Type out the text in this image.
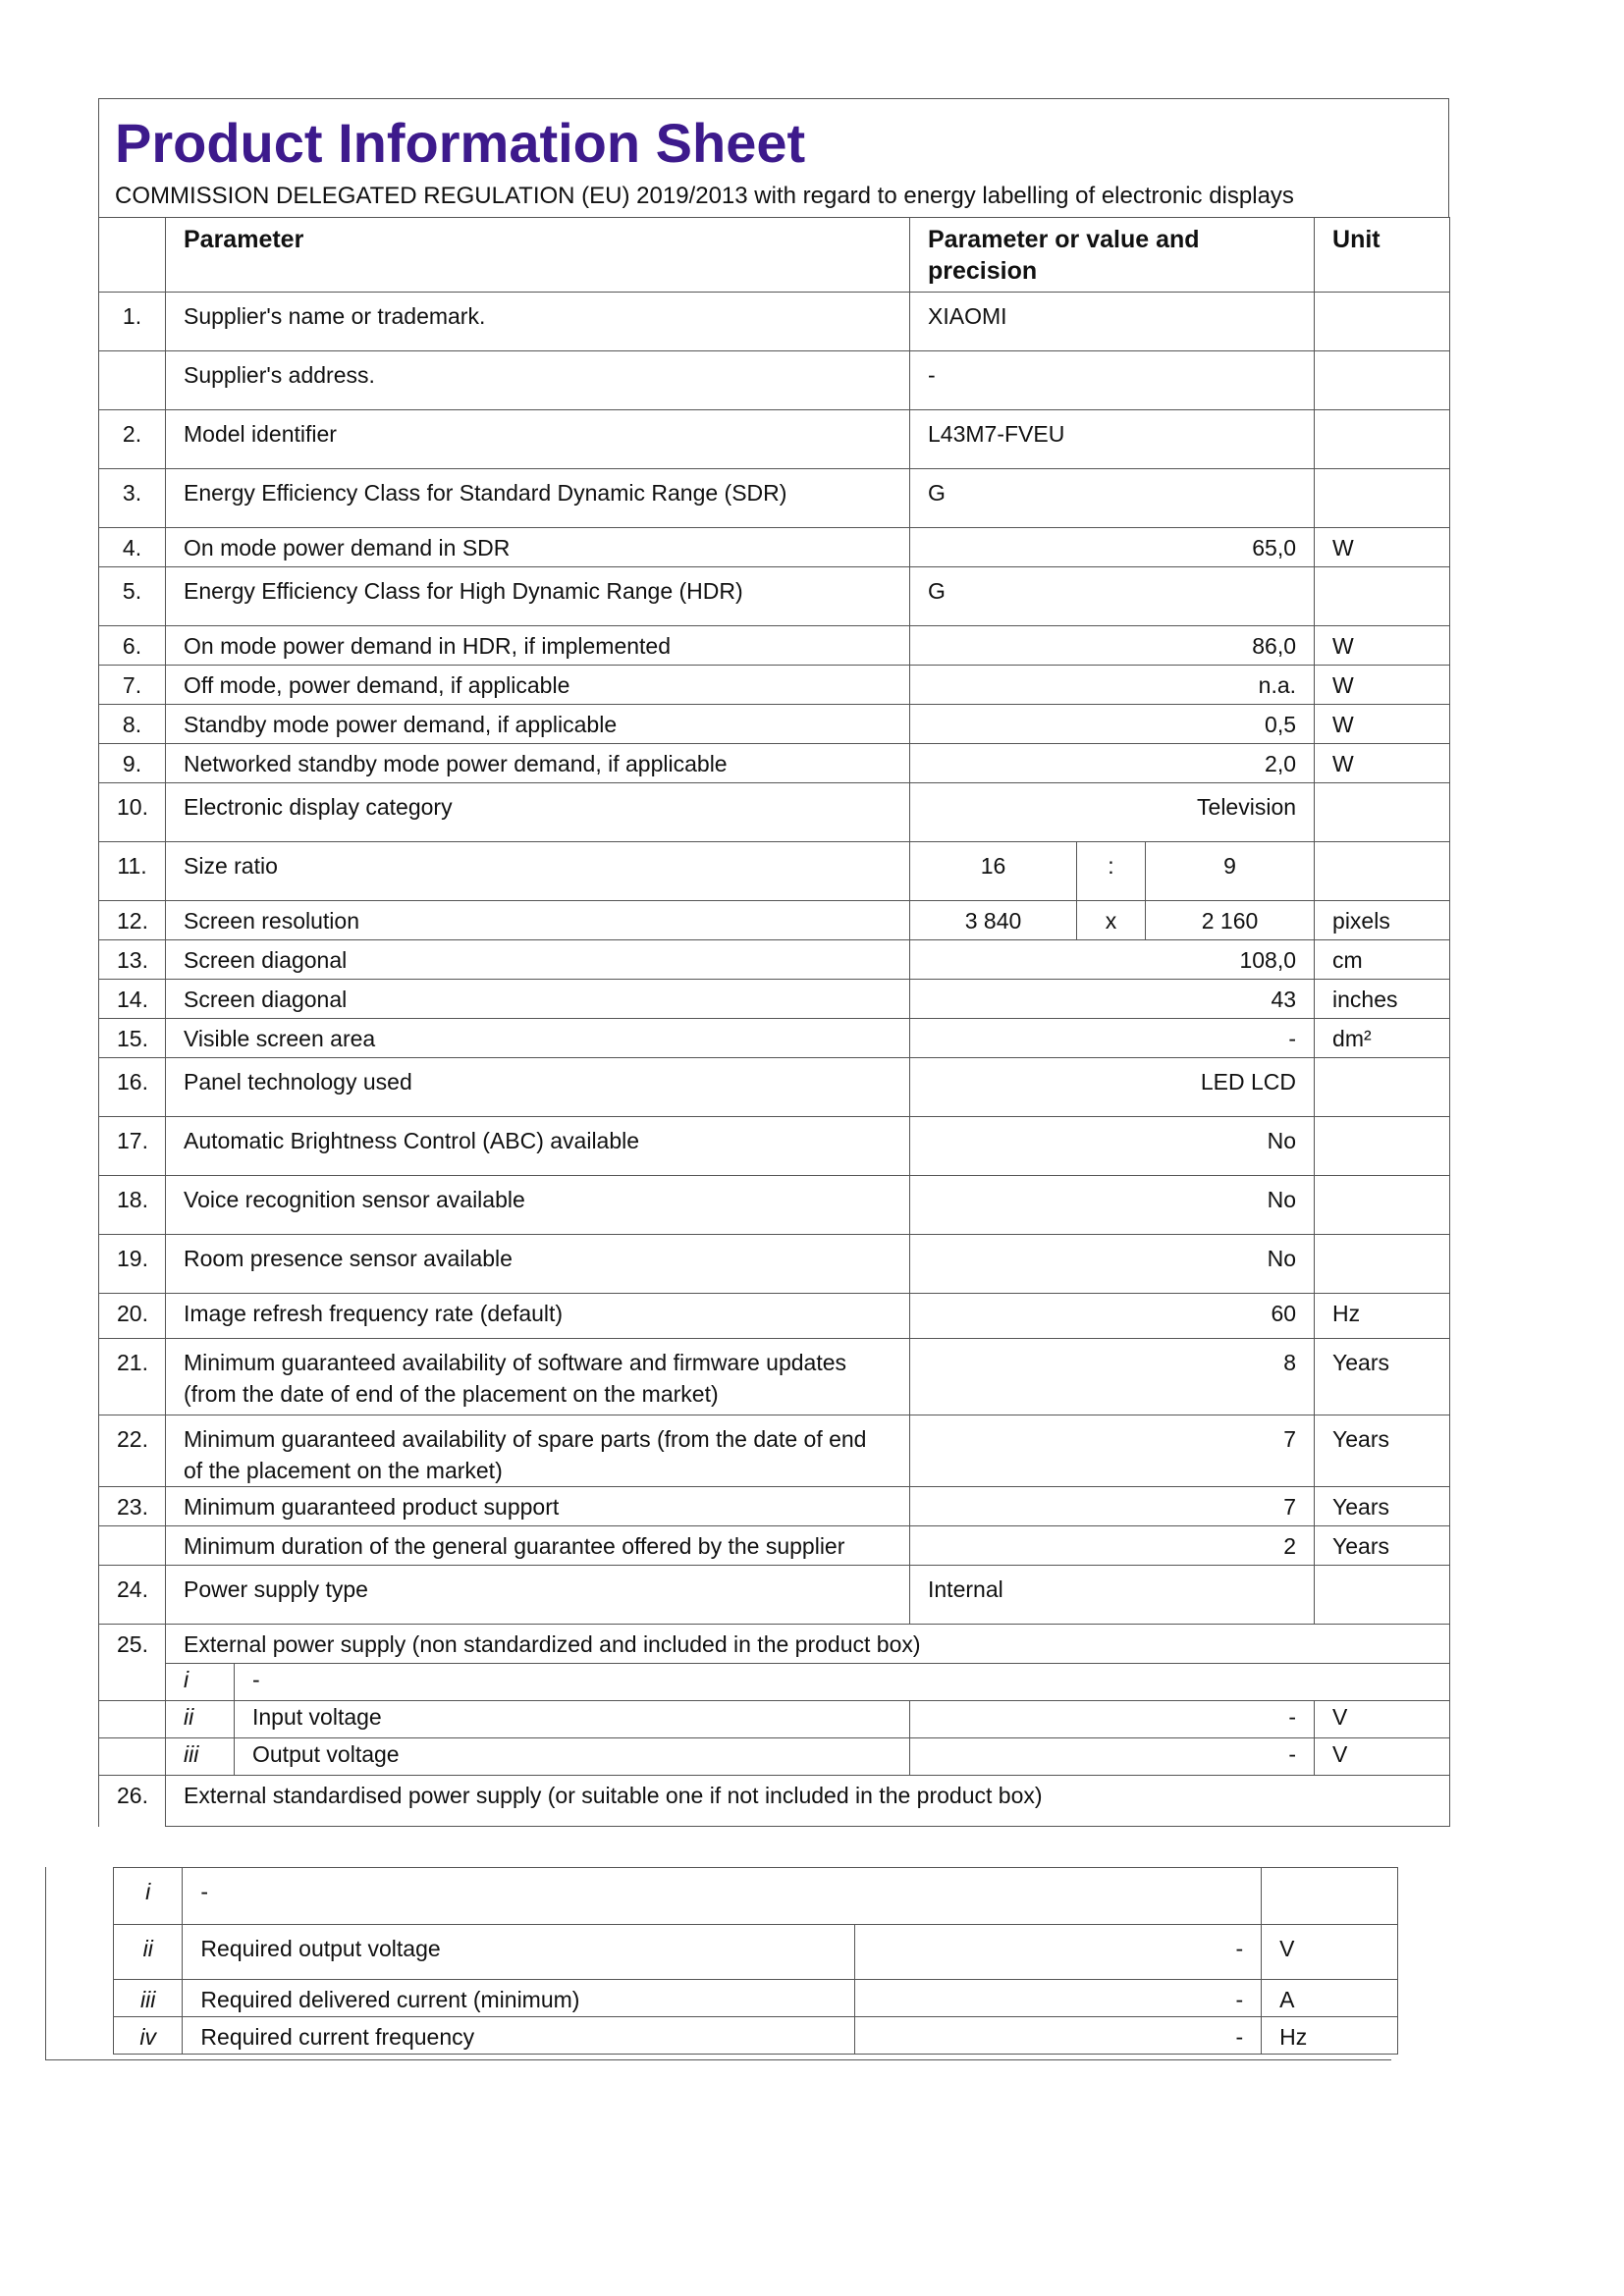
Product Information Sheet
COMMISSION DELEGATED REGULATION (EU) 2019/2013 with regard to energy labelling of electronic displays
	Parameter		Parameter or value and precision			Unit
1.	Supplier's name or trademark.		XIAOMI			
	Supplier's address.		-			
2.	Model identifier		L43M7-FVEU			
3.	Energy Efficiency Class for Standard Dynamic Range (SDR)		G			
4.	On mode power demand in SDR		65,0			W
5.	Energy Efficiency Class for High Dynamic Range (HDR)		G			
6.	On mode power demand in HDR, if implemented		86,0			W
7.	Off mode, power demand, if applicable		n.a.			W
8.	Standby mode power demand, if applicable		0,5			W
9.	Networked standby mode power demand, if applicable		2,0			W
10.	Electronic display category		Television			
11.	Size ratio		16	:	9	
12.	Screen resolution		3 840	x	2 160	pixels
13.	Screen diagonal		108,0			cm
14.	Screen diagonal		43			inches
15.	Visible screen area		-			dm²
16.	Panel technology used		LED LCD			
17.	Automatic Brightness Control (ABC) available		No			
18.	Voice recognition sensor available		No			
19.	Room presence sensor available		No			
20.	Image refresh frequency rate (default)		60			Hz
21.	Minimum guaranteed availability of software and firmware updates (from the date of end of the placement on the market)		8			Years
22.	Minimum guaranteed availability of spare parts (from the date of end of the placement on the market)		7			Years
23.	Minimum guaranteed product support		7			Years
	Minimum duration of the general guarantee offered by the supplier		2			Years
24.	Power supply type		Internal			
25.	External power supply (non standardized and included in the product box)					
	i	-				
	ii	Input voltage	-			V
	iii	Output voltage	-			V
26.	External standardised power supply (or suitable one if not included in the product box)					
i	-		
ii	Required output voltage	-	V
iii	Required delivered current (minimum)	-	A
iv	Required current frequency	-	Hz
